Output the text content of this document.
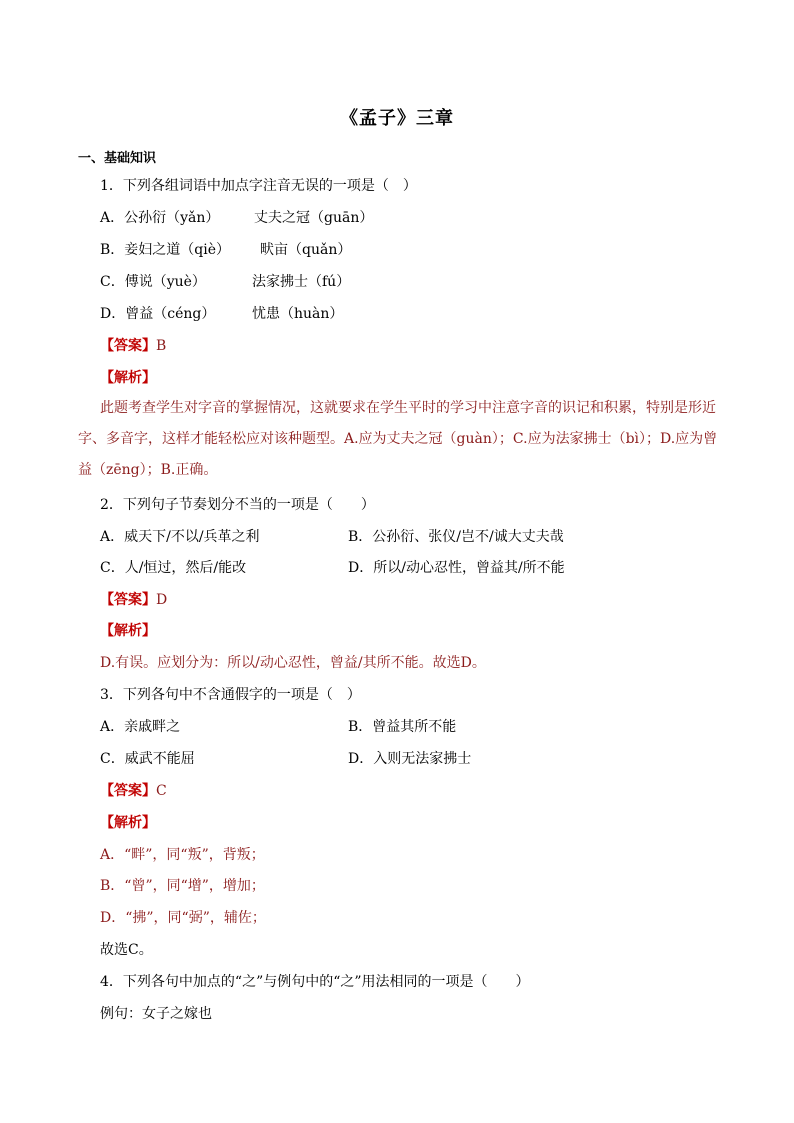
《孟子》三章
一、基础知识
1．下列各组词语中加点字注音无误的一项是（　）
A．公孙衍（yǎn） 丈夫之冠（guān）
B．妾妇之道（qiè） 畎亩（quǎn）
C．傅说（yuè）	法家拂士（fú）
D．曾益（céng）	忧患（huàn）
【答案】B
【解析】
此题考查学生对字音的掌握情况，这就要求在学生平时的学习中注意字音的识记和积累，特别是形近字、多音字，这样才能轻松应对该种题型。A.应为丈夫之冠（guàn）；C.应为法家拂士（bì）；D.应为曾益（zēng）；B.正确。
2．下列句子节奏划分不当的一项是（　　）
A．威天下/不以/兵革之利	B．公孙衍、张仪/岂不/诚大丈夫哉
C．人/恒过，然后/能改	D．所以/动心忍性，曾益其/所不能
【答案】D
【解析】
D.有误。应划分为：所以/动心忍性，曾益/其所不能。故选D。
3．下列各句中不含通假字的一项是（　）
A．亲戚畔之	B．曾益其所不能
C．威武不能屈	D．入则无法家拂士
【答案】C
【解析】
A．“畔”，同“叛”，背叛；
B．“曾”，同“增”，增加；
D．“拂”，同“弼”，辅佐；
故选C。
4．下列各句中加点的“之”与例句中的“之”用法相同的一项是（　　）
例句：女子之嫁也
